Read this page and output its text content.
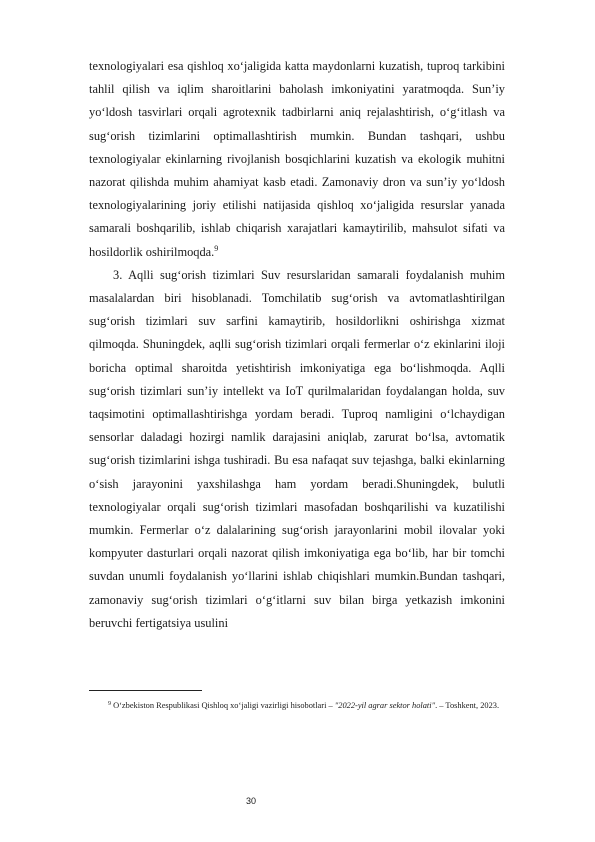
texnologiyalari esa qishloq xo‘jaligida katta maydonlarni kuzatish, tuproq tarkibini tahlil qilish va iqlim sharoitlarini baholash imkoniyatini yaratmoqda. Sun’iy yo‘ldosh tasvirlari orqali agrotexnik tadbirlarni aniq rejalashtirish, o‘g‘itlash va sug‘orish tizimlarini optimallashtirish mumkin. Bundan tashqari, ushbu texnologiyalar ekinlarning rivojlanish bosqichlarini kuzatish va ekologik muhitni nazorat qilishda muhim ahamiyat kasb etadi. Zamonaviy dron va sun’iy yo‘ldosh texnologiyalarining joriy etilishi natijasida qishloq xo‘jaligida resurslar yanada samarali boshqarilib, ishlab chiqarish xarajatlari kamaytirilib, mahsulot sifati va hosildorlik oshirilmoqda.$^9$

3. Aqlli sug‘orish tizimlari Suv resurslaridan samarali foydalanish muhim masalalardan biri hisoblanadi. Tomchilatib sug‘orish va avtomatlashtirilgan sug‘orish tizimlari suv sarfini kamaytirib, hosildorlikni oshirishga xizmat qilmoqda. Shuningdek, aqlli sug‘orish tizimlari orqali fermerlar o‘z ekinlarini iloji boricha optimal sharoitda yetishtirish imkoniyatiga ega bo‘lishmoqda. Aqlli sug‘orish tizimlari sun’iy intellekt va IoT qurilmalaridan foydalangan holda, suv taqsimotini optimallashtirishga yordam beradi. Tuproq namligini o‘lchaydigan sensorlar daladagi hozirgi namlik darajasini aniqlab, zarurat bo‘lsa, avtomatik sug‘orish tizimlarini ishga tushiradi. Bu esa nafaqat suv tejashga, balki ekinlarning o‘sish jarayonini yaxshilashga ham yordam beradi.Shuningdek, bulutli texnologiyalar orqali sug‘orish tizimlari masofadan boshqarilishi va kuzatilishi mumkin. Fermerlar o‘z dalalarining sug‘orish jarayonlarini mobil ilovalar yoki kompyuter dasturlari orqali nazorat qilish imkoniyatiga ega bo‘lib, har bir tomchi suvdan unumli foydalanish yo‘llarini ishlab chiqishlari mumkin.Bundan tashqari, zamonaviy sug‘orish tizimlari o‘g‘itlarni suv bilan birga yetkazish imkonini beruvchi fertigatsiya usulini

$^9$ O‘zbekiston Respublikasi Qishloq xo‘jaligi vazirligi hisobotlari – "2022-yil agrar sektor holati". – Toshkent, 2023.
30
